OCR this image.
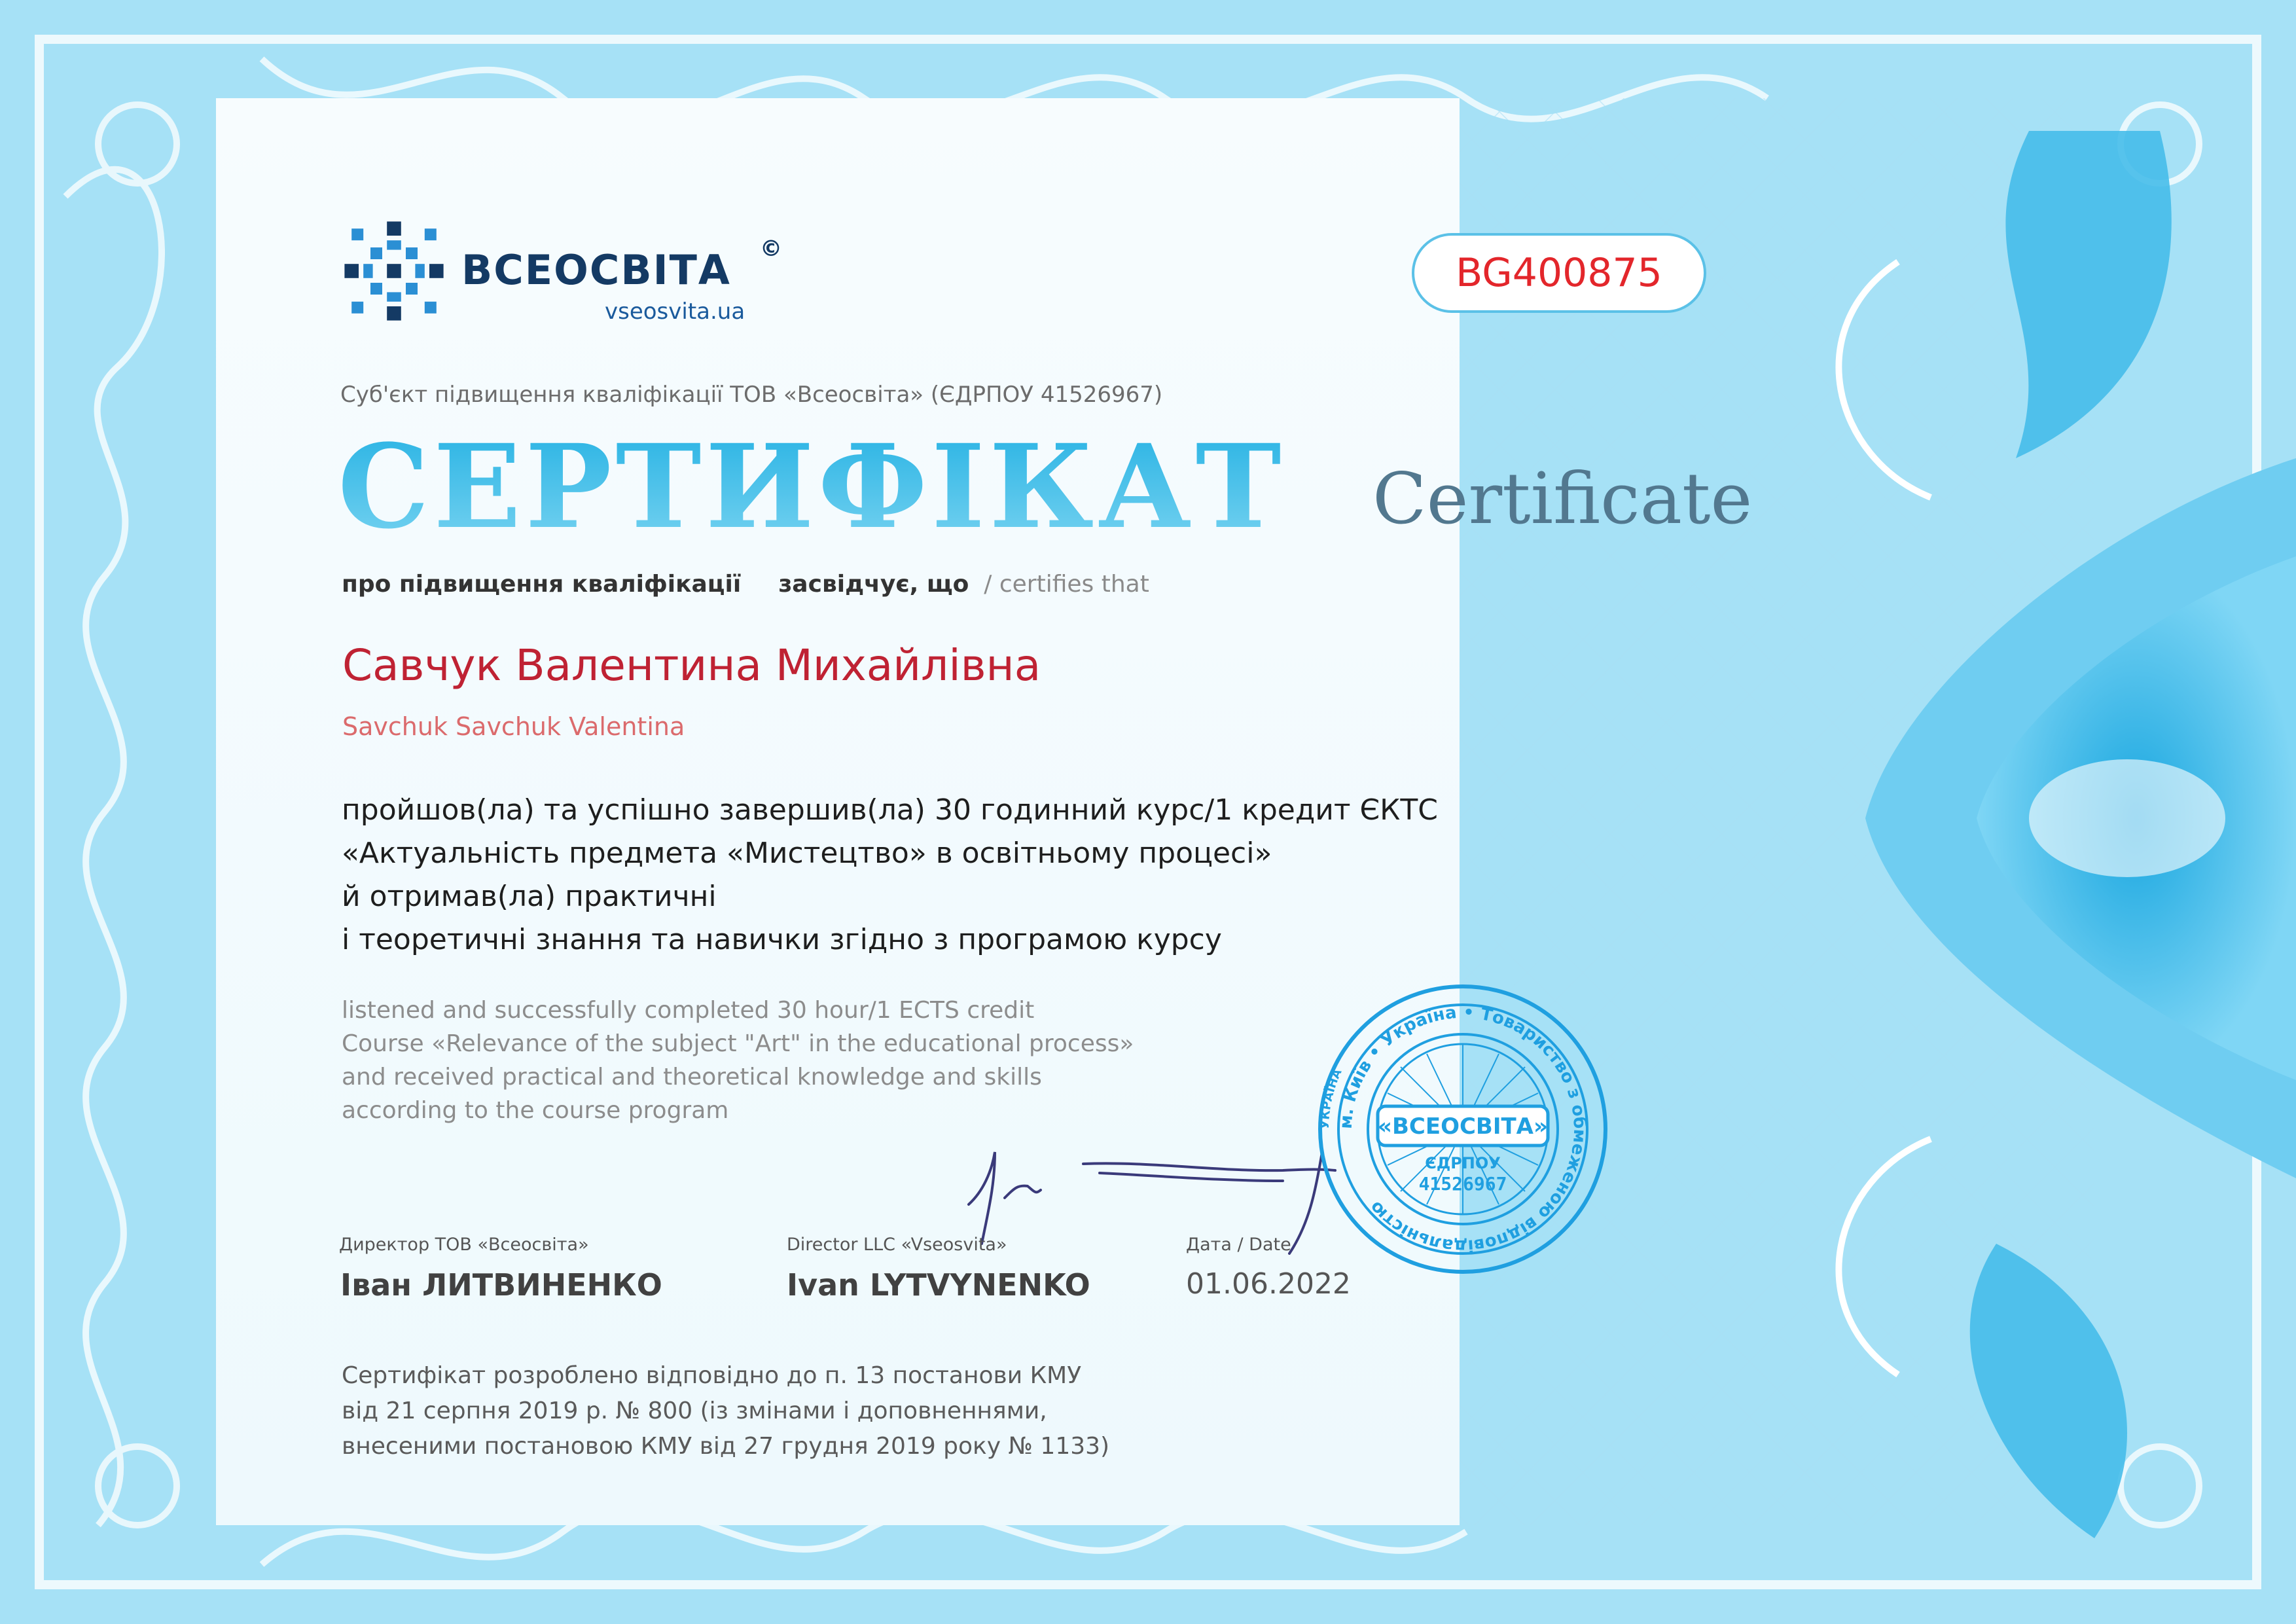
ВСЕОСВІТА ©
vseosvita.ua
BG400875
Суб'єкт підвищення кваліфікації ТОВ «Всеосвіта» (ЄДРПОУ 41526967)
СЕРТИФІКАТ Certificate
про підвищення кваліфікації засвідчує, що / certifies that
Савчук Валентина Михайлівна
Savchuk Savchuk Valentina
пройшов(ла) та успішно завершив(ла) 30 годинний курс/1 кредит ЄКТС
«Актуальність предмета «Мистецтво» в освітньому процесі»
й отримав(ла) практичні
і теоретичні знання та навички згідно з програмою курсу
listened and successfully completed 30 hour/1 ECTS credit
Course «Relevance of the subject "Art" in the educational process»
and received practical and theoretical knowledge and skills
according to the course program
УКРАЇНА
м. Київ • Україна • Товариство з обмеженою відповідальністю
«ВСЕОСВІТА»
ЄДРПОУ
41526967
Директор ТОВ «Всеосвіта»
Іван ЛИТВИНЕНКО
Director LLC «Vseosvita»
Ivan LYTVYNENKO
Дата / Date
01.06.2022
Сертифікат розроблено відповідно до п. 13 постанови КМУ
від 21 серпня 2019 р. № 800 (із змінами і доповненнями,
внесеними постановою КМУ від 27 грудня 2019 року № 1133)
